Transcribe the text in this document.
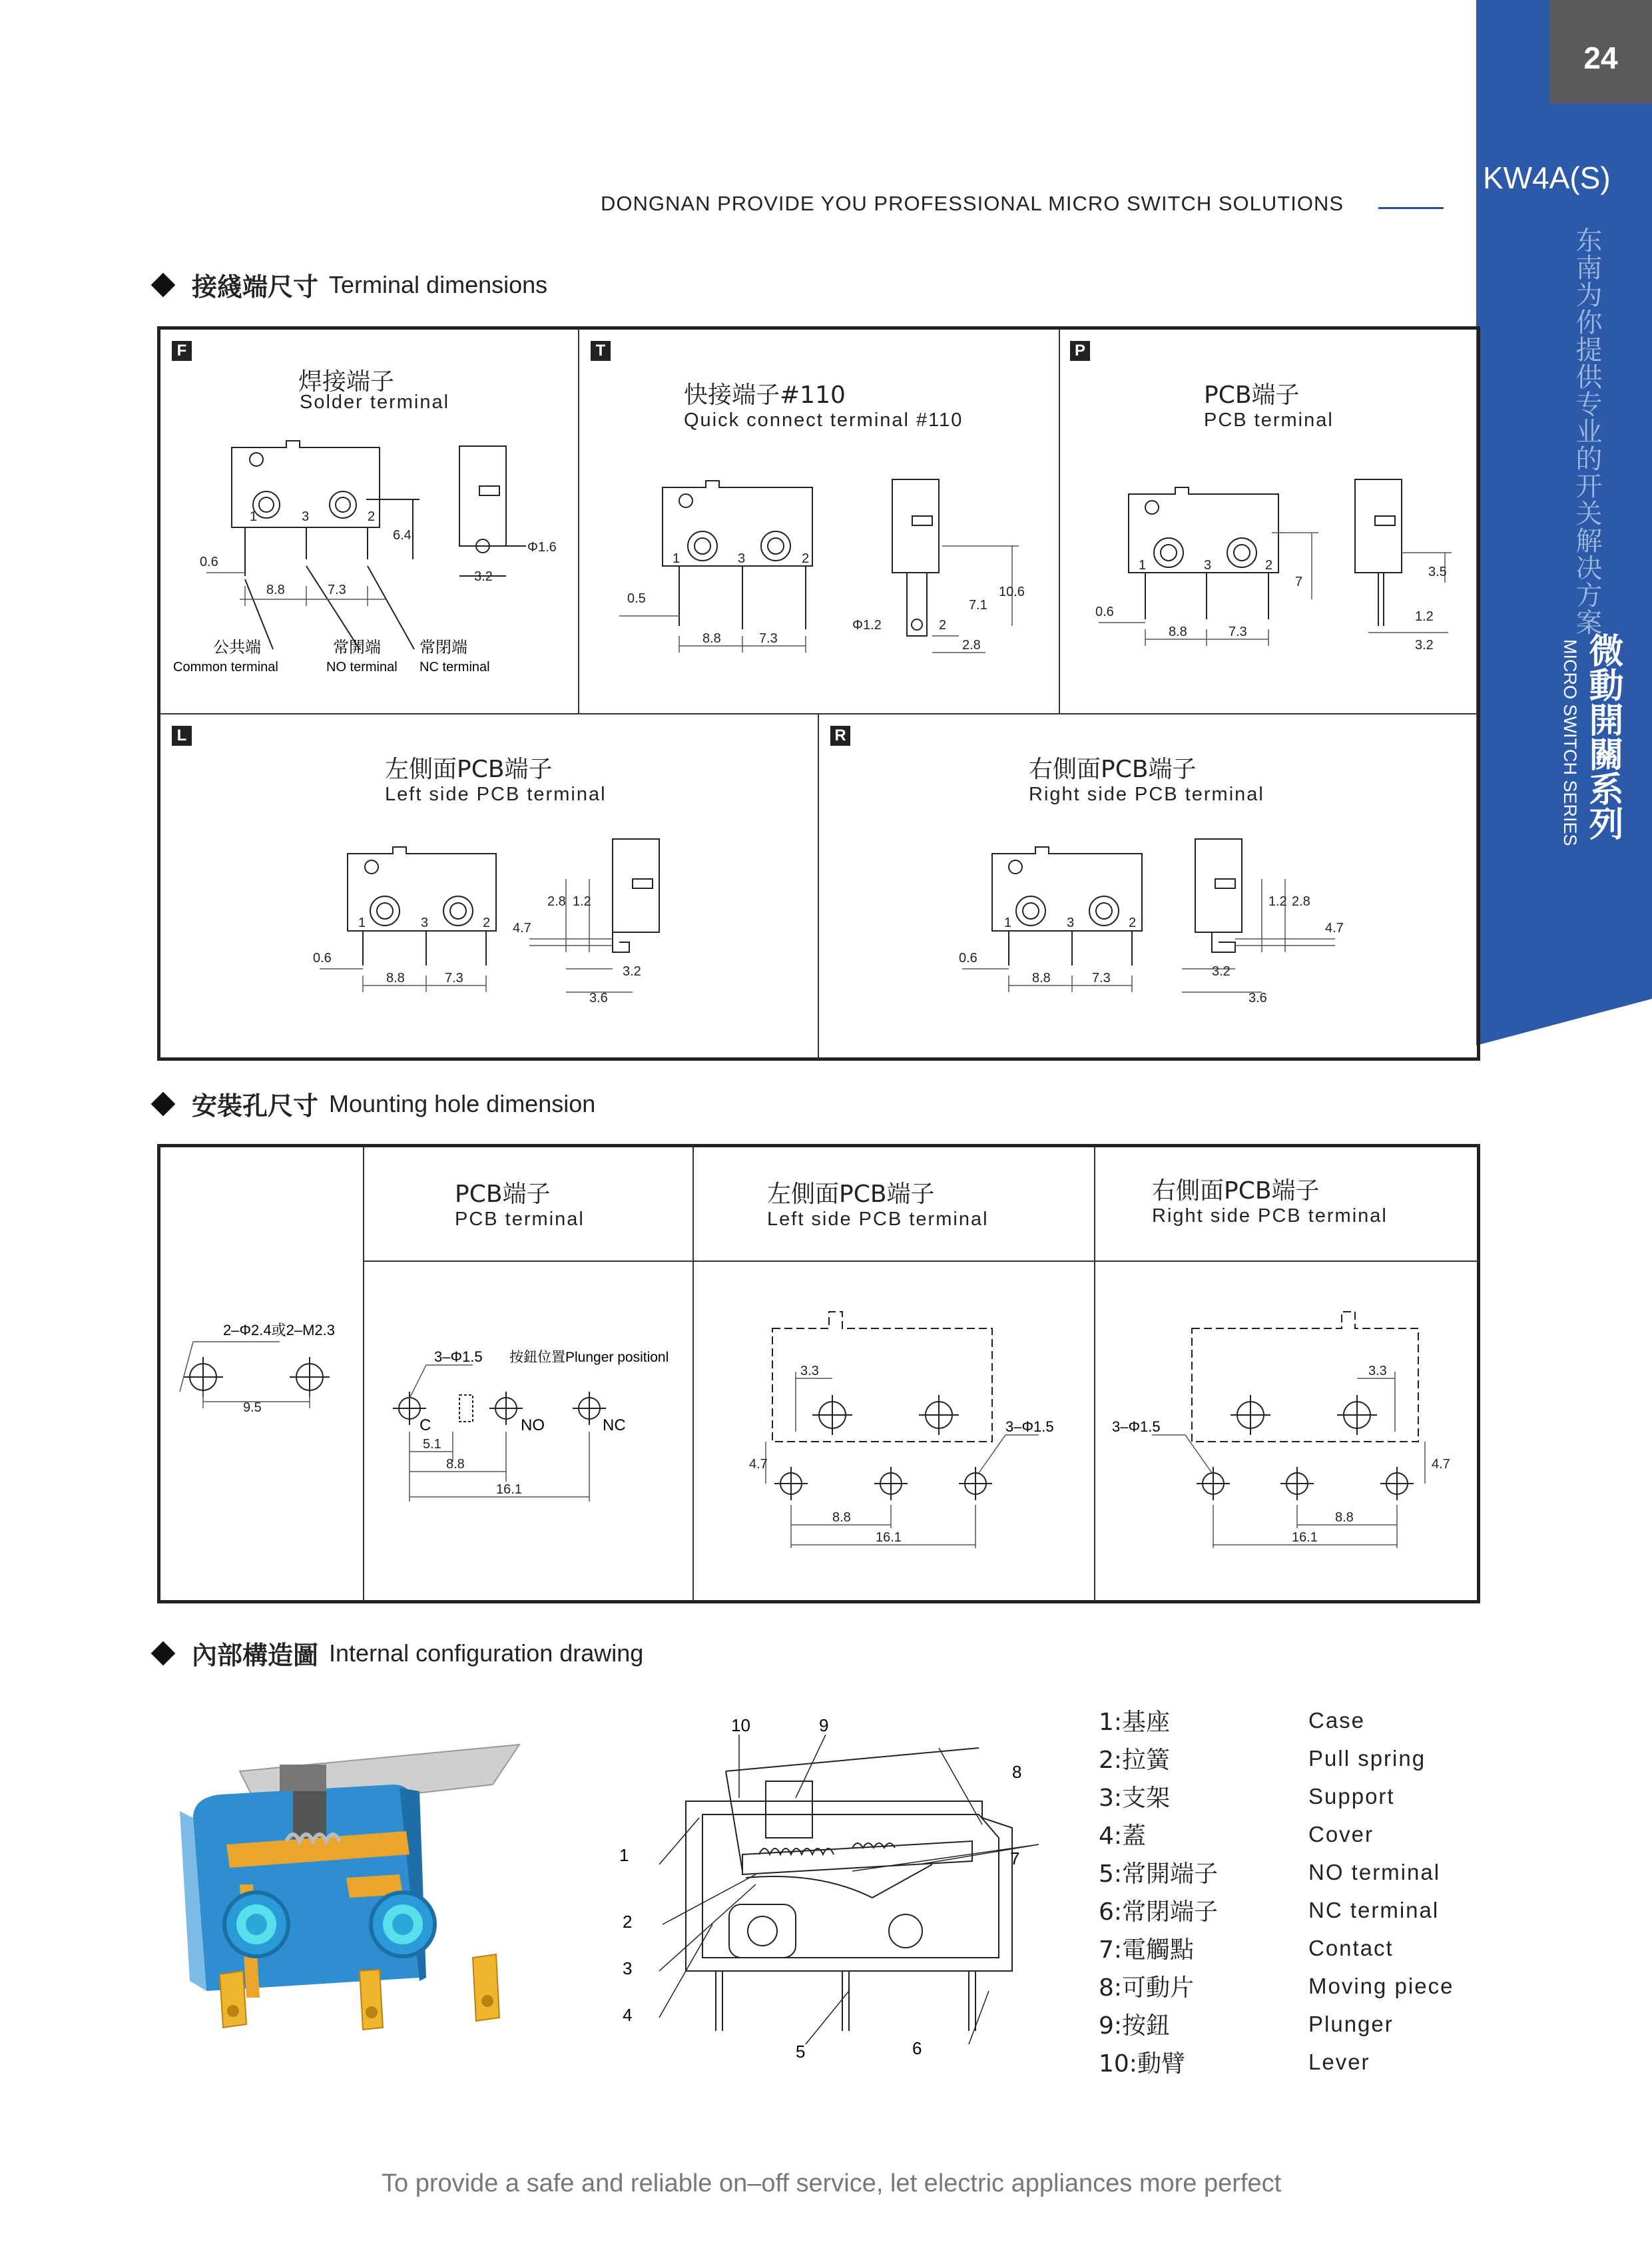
24
KW4A(S)
东南为你提供专业的开关解决方案
微動開關系列
MICRO SWITCH SERIES
DONGNAN PROVIDE YOU PROFESSIONAL MICRO SWITCH SOLUTIONS
接綫端尺寸 Terminal dimensions
F
焊接端子
Solder terminal
1	3	2
0.6
8.8	7.3
6.4
3.2
Φ1.6
公共端
Common terminal
常開端
NO terminal
常閉端
NC terminal
T
快接端子#110
Quick connect terminal #110
1	3	2
0.5
8.8	7.3
Φ1.2	2
7.1
10.6
2.8
P
PCB端子
PCB terminal
1	3	2
0.6
8.8	7.3
7
3.5
1.2
3.2
L
左側面PCB端子
Left side PCB terminal
1	3	2
0.6
8.8	7.3
2.8 1.2
4.7
3.2
3.6
R
右側面PCB端子
Right side PCB terminal
1	3	2
0.6
8.8	7.3
1.2 2.8
4.7
3.2
3.6
安裝孔尺寸 Mounting hole dimension
PCB端子
PCB terminal
左側面PCB端子
Left side PCB terminal
右側面PCB端子
Right side PCB terminal
2–Φ2.4或2–M2.3
9.5
3–Φ1.5 按鈕位置Plunger positionl
C	NO	NC
5.1
8.8
16.1
3.3
4.7
8.8
16.1
3–Φ1.5
3.3
4.7
8.8
16.1
3–Φ1.5
內部構造圖 Internal configuration drawing
10	9
8
7
1
2
3
4
5	6
1:基座	Case
2:拉簧	Pull spring
3:支架	Support
4:蓋	Cover
5:常開端子	NO terminal
6:常閉端子	NC terminal
7:電觸點	Contact
8:可動片	Moving piece
9:按鈕	Plunger
10:動臂	Lever
To provide a safe and reliable on–off service, let electric appliances more perfect
